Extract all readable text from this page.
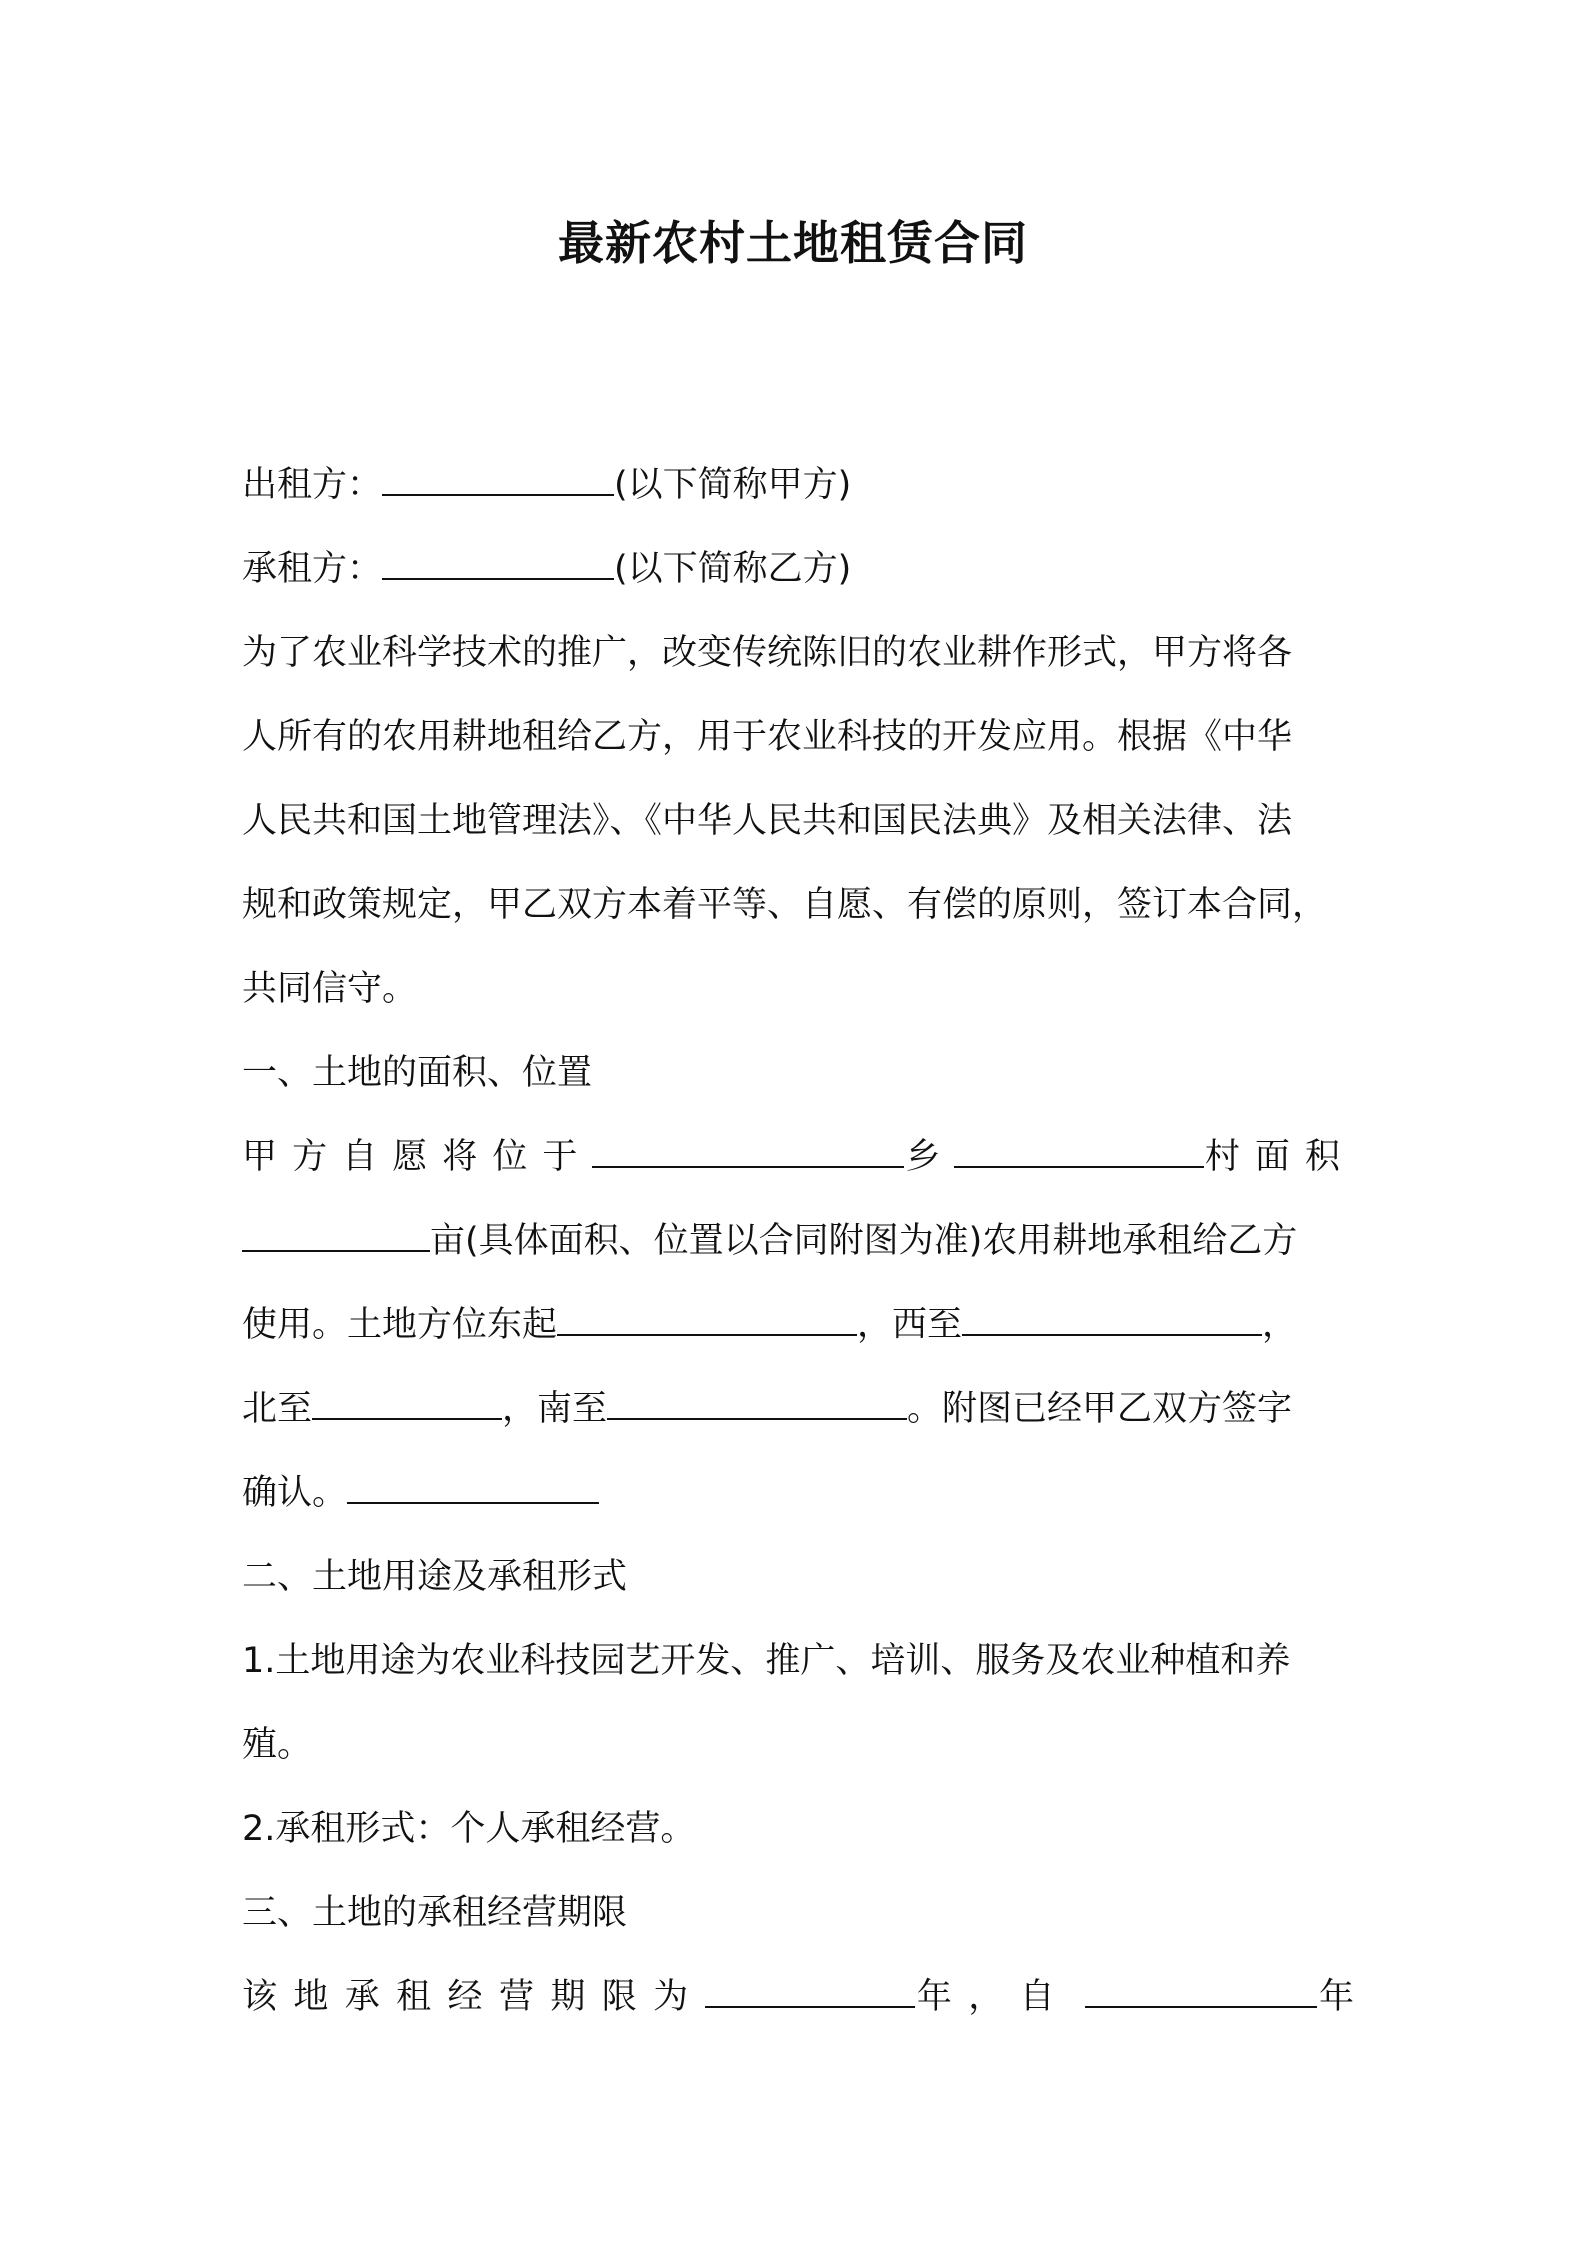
最新农村土地租赁合同
出租方：	(以下简称甲方)
承租方：	(以下简称乙方)
为了农业科学技术的推广，改变传统陈旧的农业耕作形式，甲方将各
人所有的农用耕地租给乙方，用于农业科技的开发应用。根据《中华
人民共和国土地管理法》、《中华人民共和国民法典》及相关法律、法
规和政策规定，甲乙双方本着平等、自愿、有偿的原则，签订本合同，
共同信守。
一、土地的面积、位置
甲方自愿将位于	乡	村面积
亩(具体面积、位置以合同附图为准)农用耕地承租给乙方
使用。土地方位东起	，西至	，
北至	，南至	。附图已经甲乙双方签字
确认。
二、土地用途及承租形式
1.土地用途为农业科技园艺开发、推广、培训、服务及农业种植和养
殖。
2.承租形式：个人承租经营。
三、土地的承租经营期限
该地承租经营期限为	年，自	年
